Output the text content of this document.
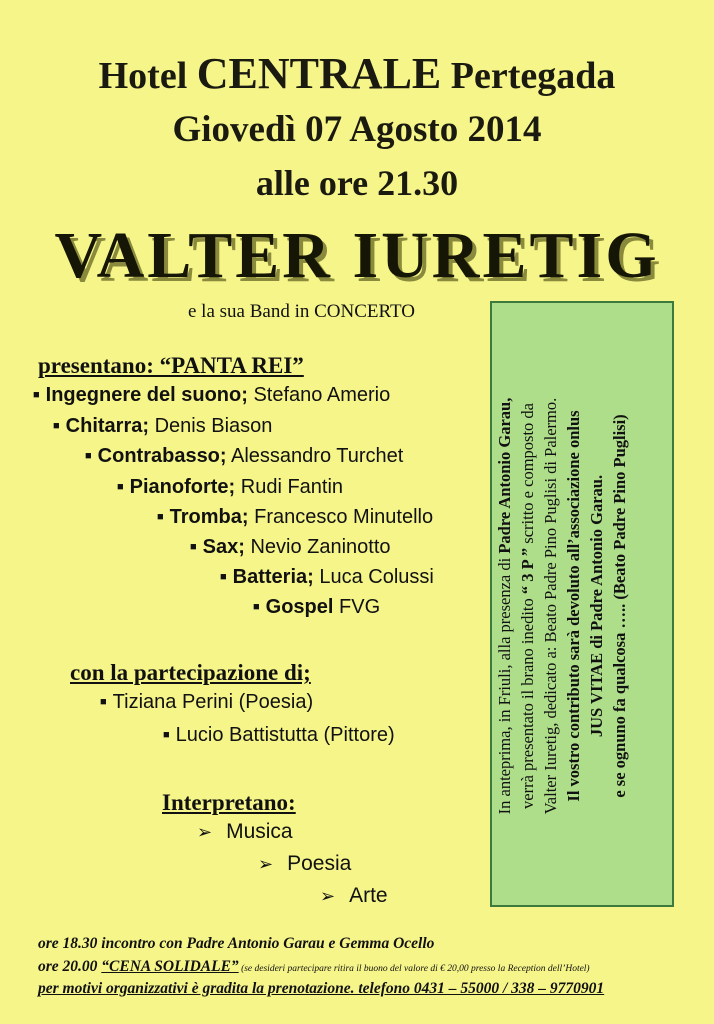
Hotel CENTRALE Pertegada
Giovedì 07 Agosto 2014
alle ore 21.30
VALTER IURETIG
e la sua Band in CONCERTO
presentano: “PANTA REI”
■ Ingegnere del suono; Stefano Amerio
■ Chitarra; Denis Biason
■ Contrabasso; Alessandro Turchet
■ Pianoforte; Rudi Fantin
■ Tromba; Francesco Minutello
■ Sax; Nevio Zaninotto
■ Batteria; Luca Colussi
■ Gospel FVG
con la partecipazione di;
■ Tiziana Perini (Poesia)
■ Lucio Battistutta (Pittore)
Interpretano:
➢ Musica
➢ Poesia
➢ Arte
In anteprima, in Friuli, alla presenza di Padre Antonio Garau,
verrà presentato il brano inedito “ 3 P ” scritto e composto da Valter Iuretig, dedicato a: Beato Padre Pino Puglisi di Palermo. Il vostro contributo sarà devoluto all’associazione onlus JUS VITAE di Padre Antonio Garau. e se ognuno fa qualcosa ….. (Beato Padre Pino Puglisi)
ore 18.30 incontro con Padre Antonio Garau e Gemma Ocello
ore 20.00 “CENA SOLIDALE” (se desideri partecipare ritira il buono del valore di € 20,00 presso la Reception dell’Hotel)
per motivi organizzativi è gradita la prenotazione. telefono 0431 – 55000 / 338 – 9770901
